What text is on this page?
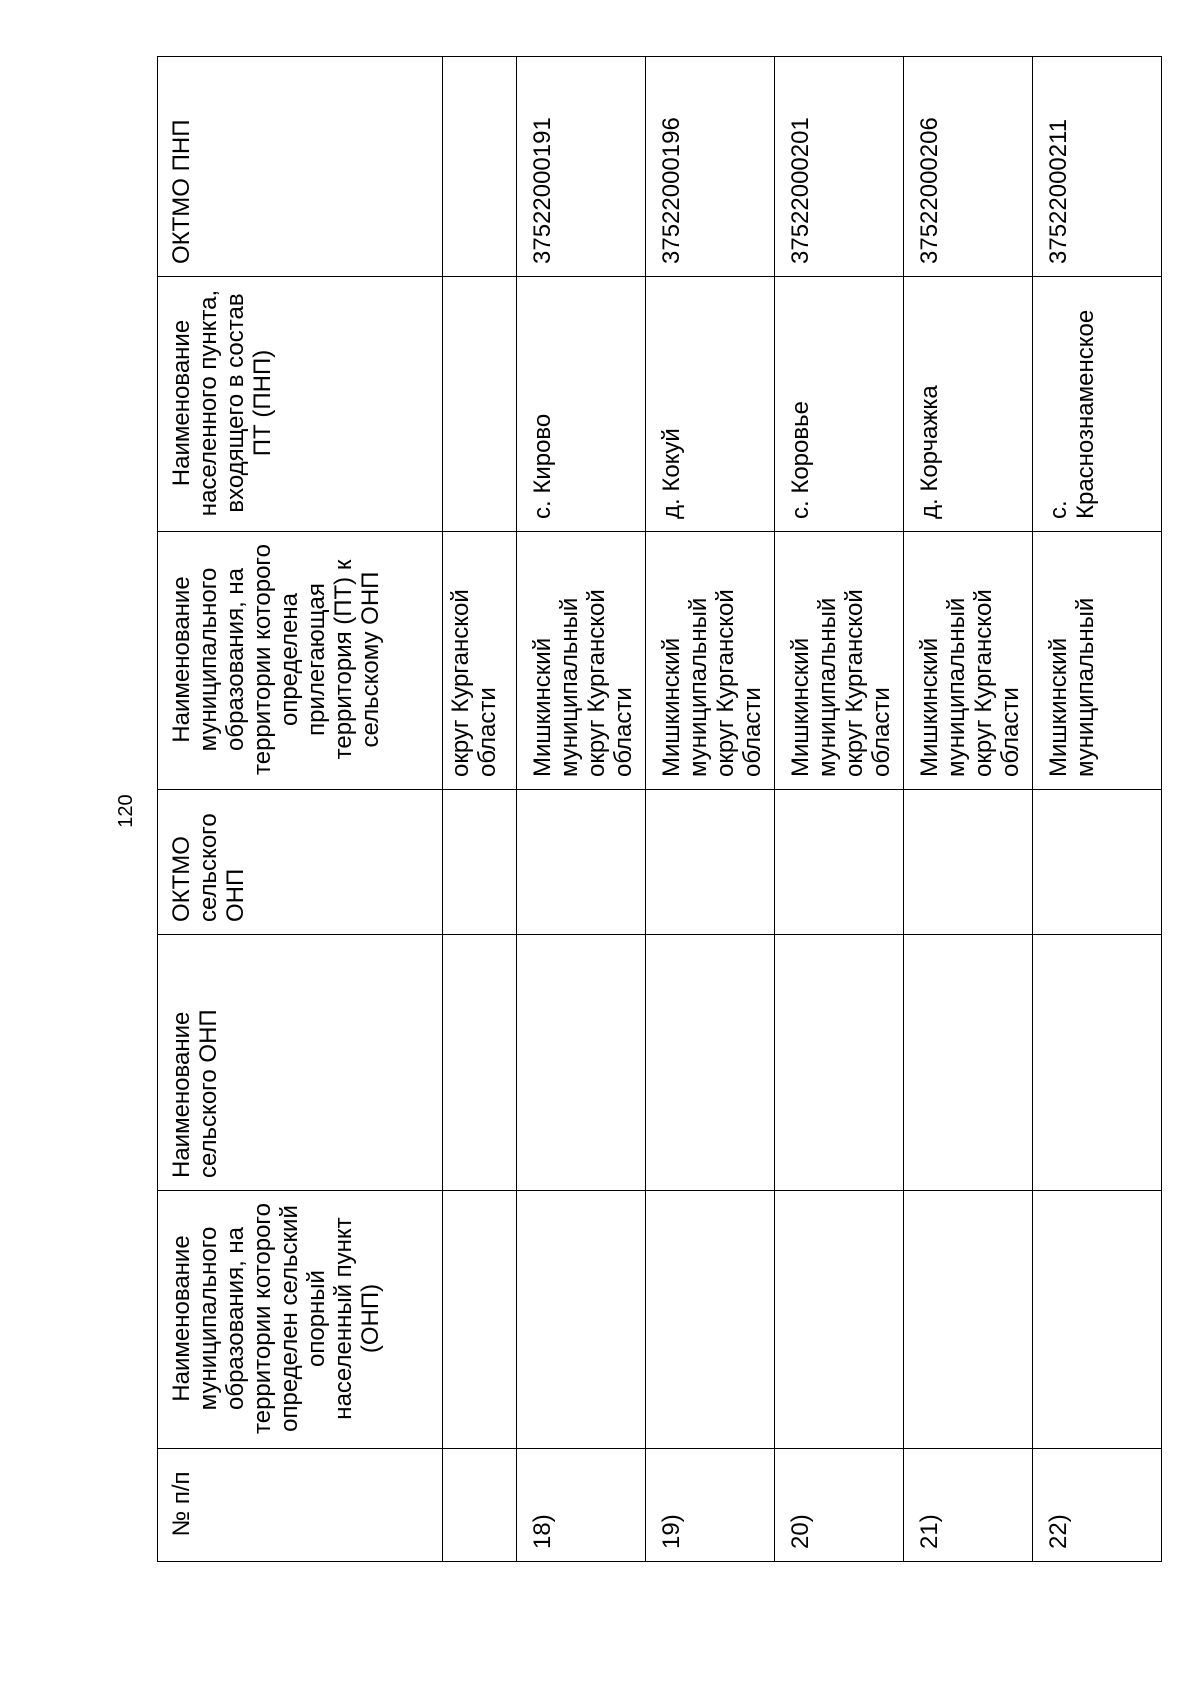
120
№ п/п	Наименование муниципального образования, на территории которого определен сельский опорный населенный пункт (ОНП)	Наименование сельского ОНП	ОКТМО сельского ОНП	Наименование муниципального образования, на территории которого определена прилегающая территория (ПТ) к сельскому ОНП	Наименование населенного пункта, входящего в состав ПТ (ПНП)	ОКТМО ПНП
				округ Курганской области		
18)				Мишкинский муниципальный округ Курганской области	с. Кирово	37522000191
19)				Мишкинский муниципальный округ Курганской области	д. Кокуй	37522000196
20)				Мишкинский муниципальный округ Курганской области	с. Коровье	37522000201
21)				Мишкинский муниципальный округ Курганской области	д. Корчажка	37522000206
22)				Мишкинский муниципальный	с. Краснознаменское	37522000211
